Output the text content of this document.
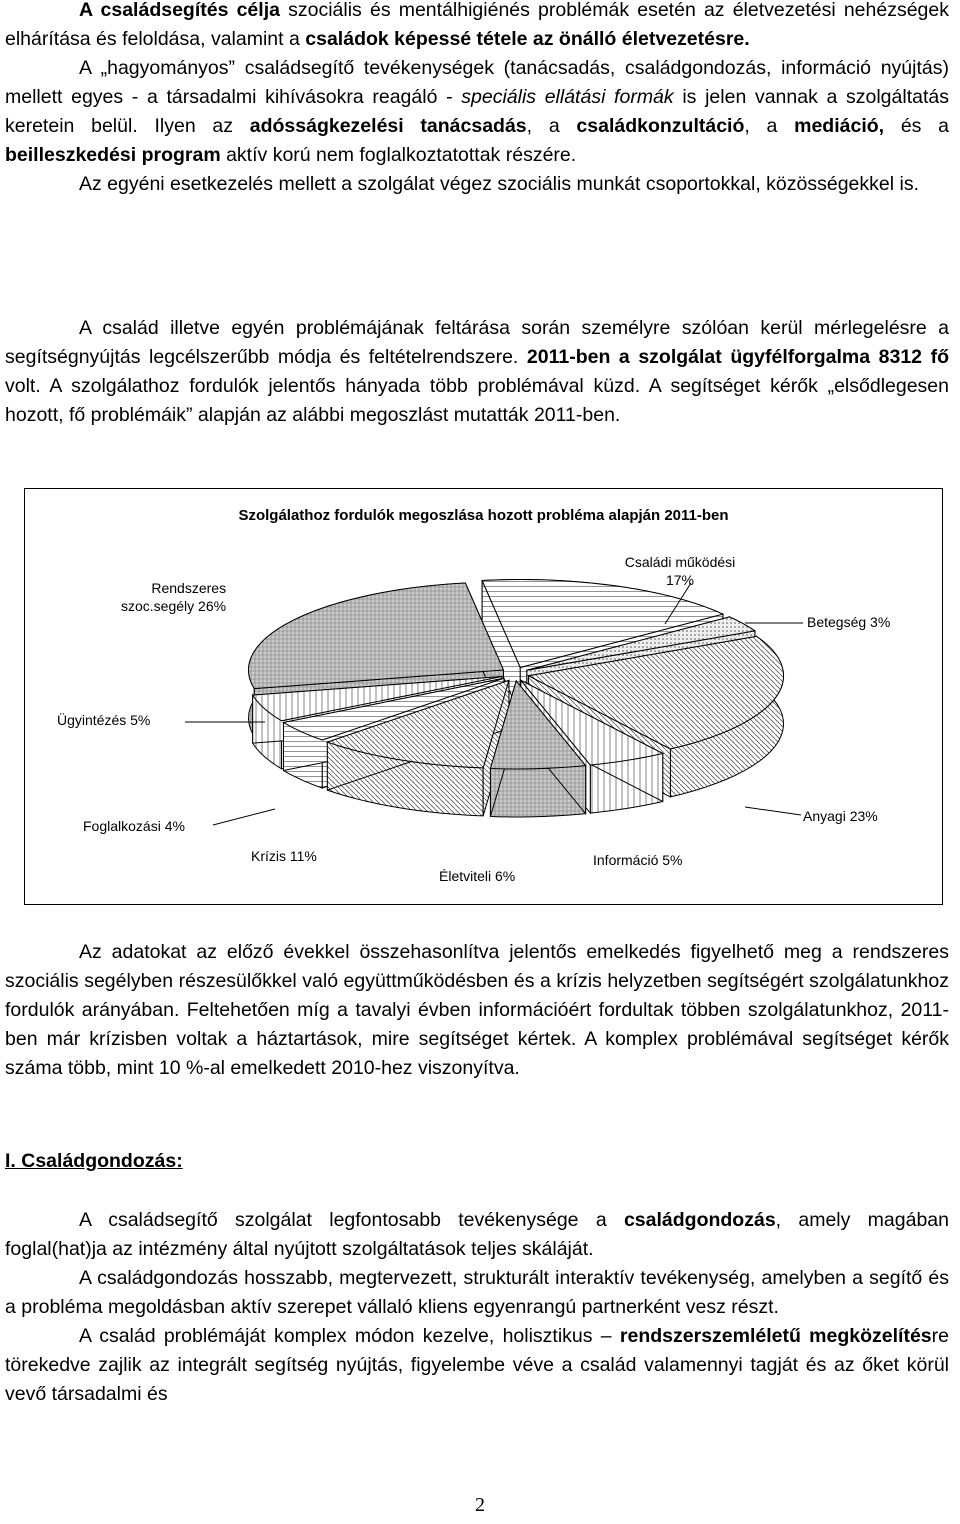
A családsegítés célja szociális és mentálhigiénés problémák esetén az életvezetési nehézségek elhárítása és feloldása, valamint a családok képessé tétele az önálló életvezetésre.

A „hagyományos” családsegítő tevékenységek (tanácsadás, családgondozás, információ nyújtás) mellett egyes - a társadalmi kihívásokra reagáló - speciális ellátási formák is jelen vannak a szolgáltatás keretein belül. Ilyen az adósságkezelési tanácsadás, a családkonzultáció, a mediáció, és a beilleszkedési program aktív korú nem foglalkoztatottak részére.

Az egyéni esetkezelés mellett a szolgálat végez szociális munkát csoportokkal, közösségekkel is.

A család illetve egyén problémájának feltárása során személyre szólóan kerül mérlegelésre a segítségnyújtás legcélszerűbb módja és feltételrendszere. 2011-ben a szolgálat ügyfélforgalma 8312 fő volt. A szolgálathoz fordulók jelentős hányada több problémával küzd. A segítséget kérők „elsődlegesen hozott, fő problémáik” alapján az alábbi megoszlást mutatták 2011-ben.

Szolgálathoz fordulók megoszlása hozott probléma alapján 2011-ben
Családi működési
17%
Betegség 3%
Anyagi 23%
Információ 5%
Életviteli 6%
Krízis 11%
Foglalkozási 4%
Ügyintézés 5%
Rendszeres
szoc.segély 26%

Az adatokat az előző évekkel összehasonlítva jelentős emelkedés figyelhető meg a rendszeres szociális segélyben részesülőkkel való együttműködésben és a krízis helyzetben segítségért szolgálatunkhoz fordulók arányában. Feltehetően míg a tavalyi évben információért fordultak többen szolgálatunkhoz, 2011-ben már krízisben voltak a háztartások, mire segítséget kértek. A komplex problémával segítséget kérők száma több, mint 10 %-al emelkedett 2010-hez viszonyítva.

I. Családgondozás:

A családsegítő szolgálat legfontosabb tevékenysége a családgondozás, amely magában foglal(hat)ja az intézmény által nyújtott szolgáltatások teljes skáláját.

A családgondozás hosszabb, megtervezett, strukturált interaktív tevékenység, amelyben a segítő és a probléma megoldásban aktív szerepet vállaló kliens egyenrangú partnerként vesz részt.

A család problémáját komplex módon kezelve, holisztikus – rendszerszemléletű megközelítésre törekedve zajlik az integrált segítség nyújtás, figyelembe véve a család valamennyi tagját és az őket körül vevő társadalmi és

2
